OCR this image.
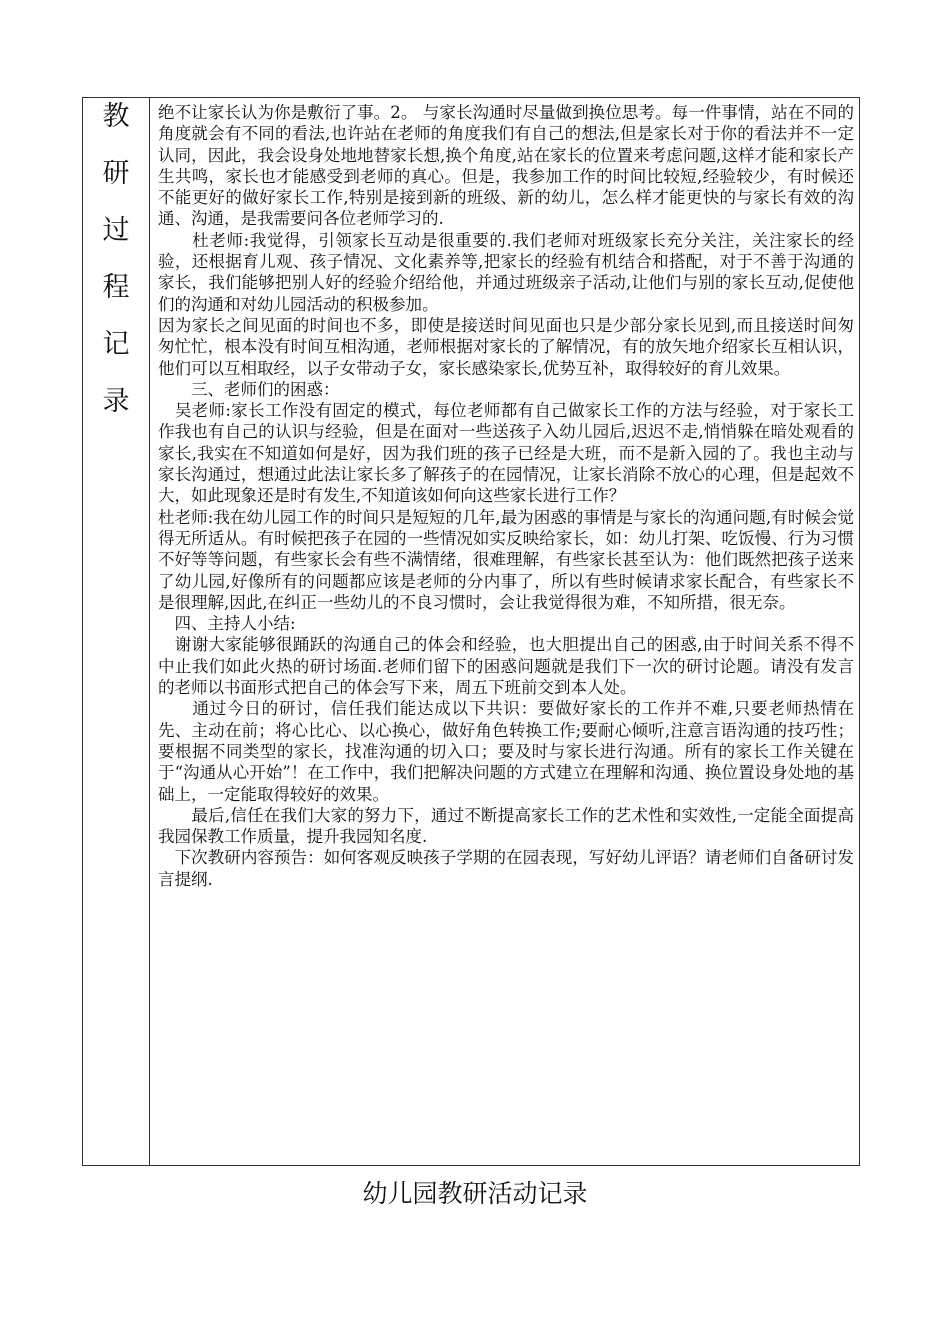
教
研
过
程
记
录

绝不让家长认为你是敷衍了事。2。 与家长沟通时尽量做到换位思考。每一件事情，站在不同的角度就会有不同的看法,也许站在老师的角度我们有自己的想法,但是家长对于你的看法并不一定认同，因此，我会设身处地地替家长想,换个角度,站在家长的位置来考虑问题,这样才能和家长产生共鸣，家长也才能感受到老师的真心。但是，我参加工作的时间比较短,经验较少，有时候还不能更好的做好家长工作,特别是接到新的班级、新的幼儿，怎么样才能更快的与家长有效的沟通、沟通，是我需要问各位老师学习的.

　　杜老师:我觉得，引领家长互动是很重要的.我们老师对班级家长充分关注，关注家长的经验，还根据育儿观、孩子情况、文化素养等,把家长的经验有机结合和搭配，对于不善于沟通的家长，我们能够把别人好的经验介绍给他，并通过班级亲子活动,让他们与别的家长互动,促使他们的沟通和对幼儿园活动的积极参加。

因为家长之间见面的时间也不多，即使是接送时间见面也只是少部分家长见到,而且接送时间匆匆忙忙，根本没有时间互相沟通，老师根据对家长的了解情况，有的放矢地介绍家长互相认识，他们可以互相取经，以子女带动子女，家长感染家长,优势互补，取得较好的育儿效果。

　　三、老师们的困惑：

　吴老师:家长工作没有固定的模式，每位老师都有自己做家长工作的方法与经验，对于家长工作我也有自己的认识与经验，但是在面对一些送孩子入幼儿园后,迟迟不走,悄悄躲在暗处观看的家长,我实在不知道如何是好，因为我们班的孩子已经是大班，而不是新入园的了。我也主动与家长沟通过，想通过此法让家长多了解孩子的在园情况，让家长消除不放心的心理，但是起效不大，如此现象还是时有发生,不知道该如何向这些家长进行工作？

杜老师:我在幼儿园工作的时间只是短短的几年,最为困惑的事情是与家长的沟通问题,有时候会觉得无所适从。有时候把孩子在园的一些情况如实反映给家长，如：幼儿打架、吃饭慢、行为习惯不好等等问题，有些家长会有些不满情绪，很难理解，有些家长甚至认为：他们既然把孩子送来了幼儿园,好像所有的问题都应该是老师的分内事了，所以有些时候请求家长配合，有些家长不是很理解,因此,在纠正一些幼儿的不良习惯时，会让我觉得很为难，不知所措，很无奈。

　四、主持人小结:

　谢谢大家能够很踊跃的沟通自己的体会和经验，也大胆提出自己的困惑,由于时间关系不得不中止我们如此火热的研讨场面.老师们留下的困惑问题就是我们下一次的研讨论题。请没有发言的老师以书面形式把自己的体会写下来，周五下班前交到本人处。

　　通过今日的研讨，信任我们能达成以下共识：要做好家长的工作并不难,只要老师热情在先、主动在前；将心比心、以心换心，做好角色转换工作;要耐心倾听,注意言语沟通的技巧性；要根据不同类型的家长，找准沟通的切入口；要及时与家长进行沟通。所有的家长工作关键在于“沟通从心开始”！在工作中，我们把解决问题的方式建立在理解和沟通、换位置设身处地的基础上，一定能取得较好的效果。

　　最后,信任在我们大家的努力下，通过不断提高家长工作的艺术性和实效性,一定能全面提高我园保教工作质量，提升我园知名度.

　下次教研内容预告：如何客观反映孩子学期的在园表现，写好幼儿评语？请老师们自备研讨发言提纲.

幼儿园教研活动记录
